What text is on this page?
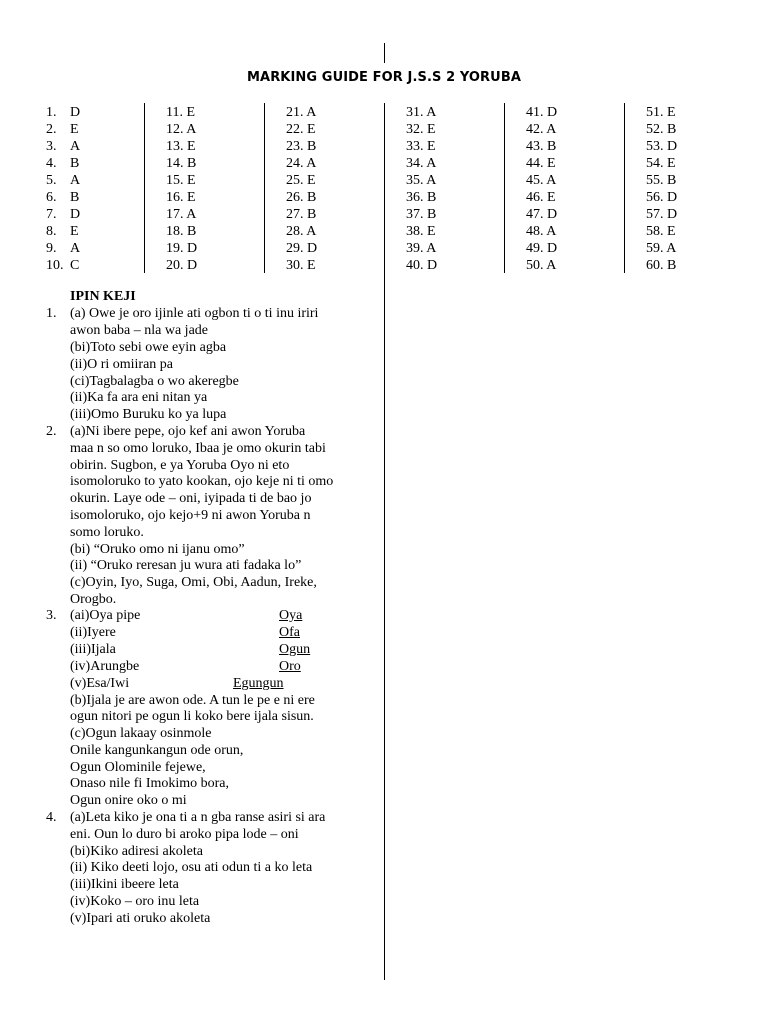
MARKING GUIDE FOR J.S.S 2 YORUBA
1. D
2. E
3. A
4. B
5. A
6. B
7. D
8. E
9. A
10. C
11. E
12. A
13. E
14. B
15. E
16. E
17. A
18. B
19. D
20. D
21. A
22. E
23. B
24. A
25. E
26. B
27. B
28. A
29. D
30. E
31. A
32. E
33. E
34. A
35. A
36. B
37. B
38. E
39. A
40. D
41. D
42. A
43. B
44. E
45. A
46. E
47. D
48. A
49. D
50. A
51. E
52. B
53. D
54. E
55. B
56. D
57. D
58. E
59. A
60. B
IPIN KEJI
1.
2.
3.
4.
(a) Owe je oro ijinle ati ogbon ti o ti inu iriri
awon baba – nla wa jade
(bi)Toto sebi owe eyin agba
(ii)O ri omiiran pa
(ci)Tagbalagba o wo akeregbe
(ii)Ka fa ara eni nitan ya
(iii)Omo Buruku ko ya lupa
(a)Ni ibere pepe, ojo kef ani awon Yoruba
maa n so omo loruko, Ibaa je omo okurin tabi
obirin. Sugbon, e ya Yoruba Oyo ni eto
isomoloruko to yato kookan, ojo keje ni ti omo
okurin. Laye ode – oni, iyipada ti de bao jo
isomoloruko, ojo kejo+9 ni awon Yoruba n
somo loruko.
(bi) “Oruko omo ni ijanu omo”
(ii) “Oruko reresan ju wura ati fadaka lo”
(c)Oyin, Iyo, Suga, Omi, Obi, Aadun, Ireke,
Orogbo.
(ai)Oya pipe
(ii)Iyere
(iii)Ijala
(iv)Arungbe
(v)Esa/Iwi
(b)Ijala je are awon ode. A tun le pe e ni ere
ogun nitori pe ogun li koko bere ijala sisun.
(c)Ogun lakaay osinmole
Onile kangunkangun ode orun,
Ogun Olominile fejewe,
Onaso nile fi Imokimo bora,
Ogun onire oko o mi
(a)Leta kiko je ona ti a n gba ranse asiri si ara
eni. Oun lo duro bi aroko pipa lode – oni
(bi)Kiko adiresi akoleta
(ii) Kiko deeti lojo, osu ati odun ti a ko leta
(iii)Ikini ibeere leta
(iv)Koko – oro inu leta
(v)Ipari ati oruko akoleta
Oya
Ofa
Ogun
Oro
Egungun
